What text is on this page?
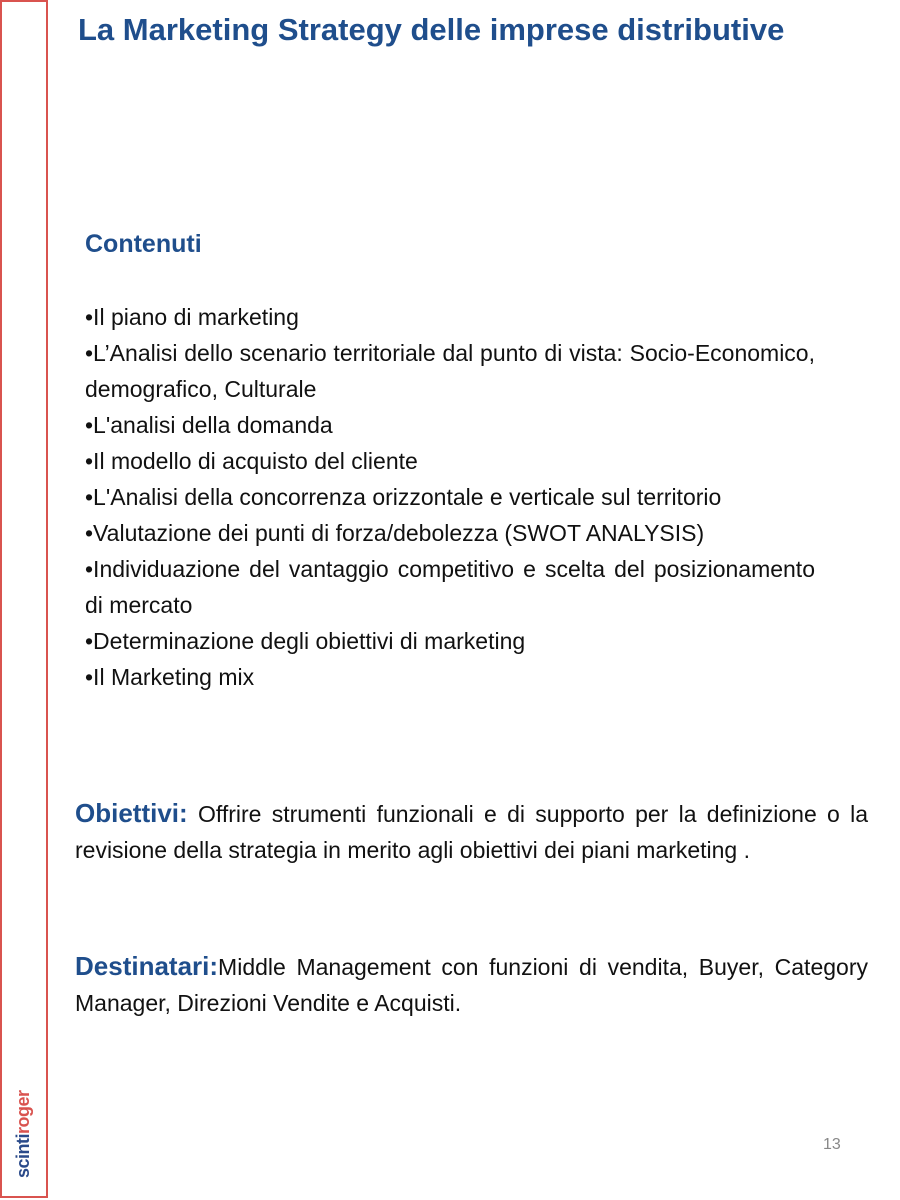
scintiroger
La Marketing Strategy delle imprese distributive
Contenuti
•Il piano di marketing
•L’Analisi dello scenario territoriale dal punto di vista: Socio-Economico, demografico, Culturale
•L'analisi della domanda
•Il modello di acquisto del cliente
•L'Analisi della concorrenza orizzontale e verticale sul territorio
•Valutazione dei punti di forza/debolezza (SWOT ANALYSIS)
•Individuazione del vantaggio competitivo e scelta del posizionamento di mercato
•Determinazione degli obiettivi di marketing
•Il Marketing mix
Obiettivi: Offrire strumenti funzionali e di supporto per la definizione o la revisione della strategia in merito agli obiettivi dei piani marketing .
Destinatari:Middle Management con funzioni di vendita, Buyer, Category Manager, Direzioni Vendite e Acquisti.
13
